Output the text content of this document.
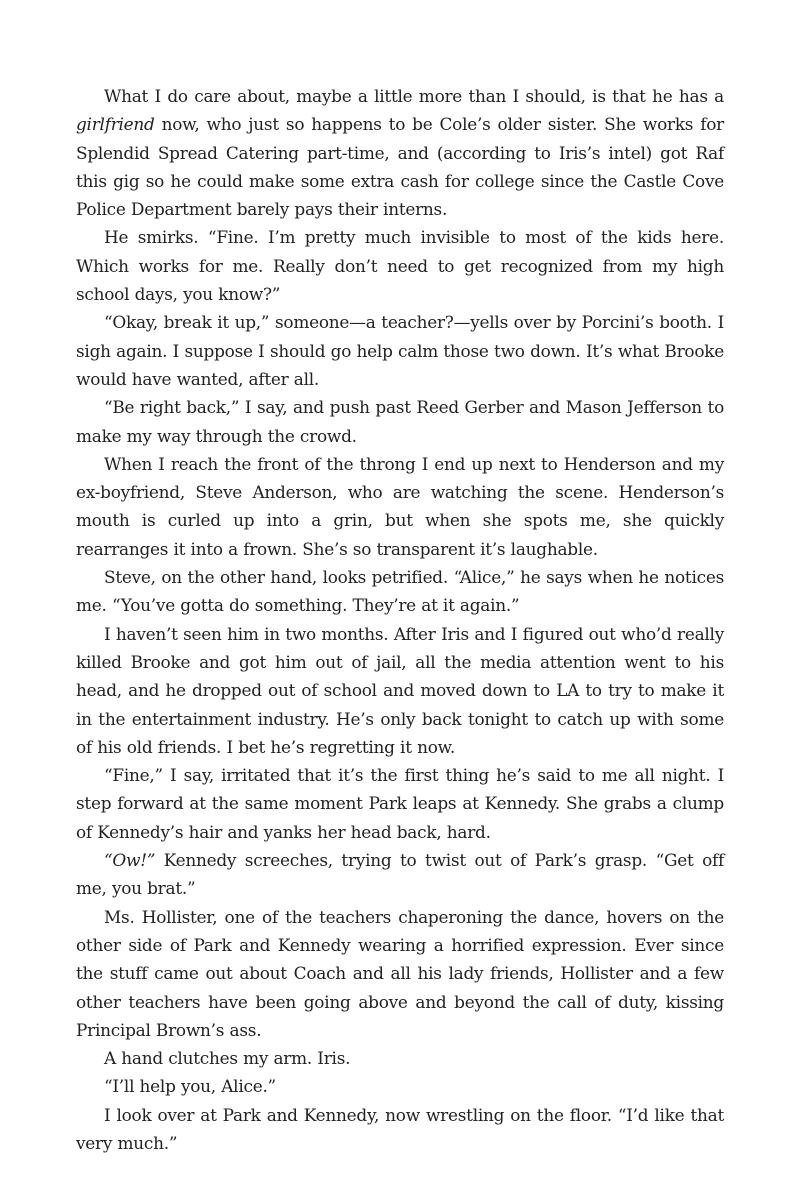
What I do care about, maybe a little more than I should, is that he has a girlfriend now, who just so happens to be Cole’s older sister. She works for Splendid Spread Catering part-time, and (according to Iris’s intel) got Raf this gig so he could make some extra cash for college since the Castle Cove Police Department barely pays their interns.

He smirks. “Fine. I’m pretty much invisible to most of the kids here. Which works for me. Really don’t need to get recognized from my high school days, you know?”

“Okay, break it up,” someone—a teacher?—yells over by Porcini’s booth. I sigh again. I suppose I should go help calm those two down. It’s what Brooke would have wanted, after all.

“Be right back,” I say, and push past Reed Gerber and Mason Jefferson to make my way through the crowd.

When I reach the front of the throng I end up next to Henderson and my ex-boyfriend, Steve Anderson, who are watching the scene. Henderson’s mouth is curled up into a grin, but when she spots me, she quickly rearranges it into a frown. She’s so transparent it’s laughable.

Steve, on the other hand, looks petrified. “Alice,” he says when he notices me. “You’ve gotta do something. They’re at it again.”

I haven’t seen him in two months. After Iris and I figured out who’d really killed Brooke and got him out of jail, all the media attention went to his head, and he dropped out of school and moved down to LA to try to make it in the entertainment industry. He’s only back tonight to catch up with some of his old friends. I bet he’s regretting it now.

“Fine,” I say, irritated that it’s the first thing he’s said to me all night. I step forward at the same moment Park leaps at Kennedy. She grabs a clump of Kennedy’s hair and yanks her head back, hard.

“Ow!” Kennedy screeches, trying to twist out of Park’s grasp. “Get off me, you brat.”

Ms. Hollister, one of the teachers chaperoning the dance, hovers on the other side of Park and Kennedy wearing a horrified expression. Ever since the stuff came out about Coach and all his lady friends, Hollister and a few other teachers have been going above and beyond the call of duty, kissing Principal Brown’s ass.

A hand clutches my arm. Iris.

“I’ll help you, Alice.”

I look over at Park and Kennedy, now wrestling on the floor. “I’d like that very much.”
